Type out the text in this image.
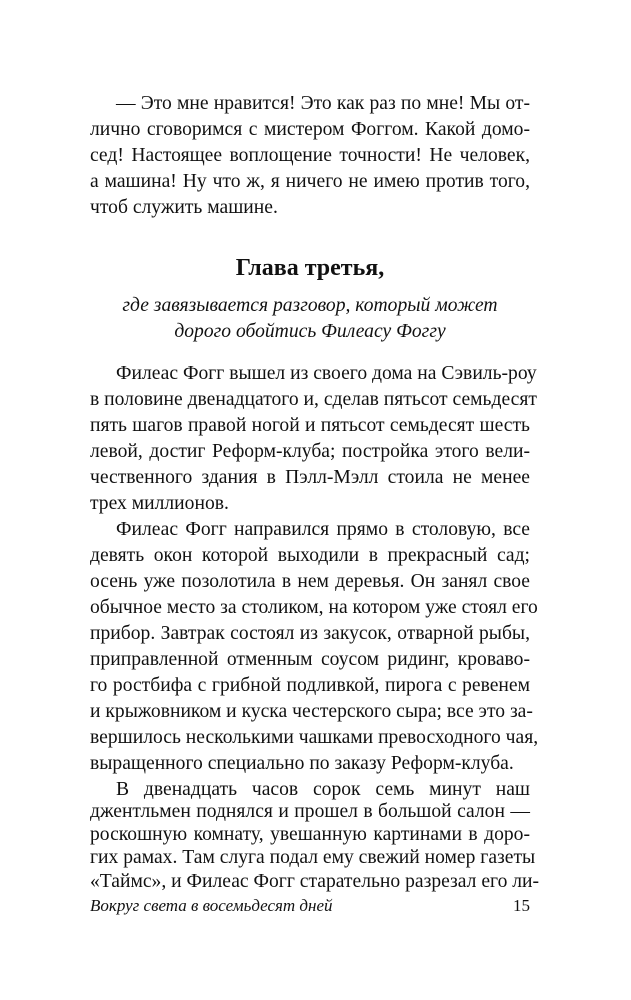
— Это мне нравится! Это как раз по мне! Мы от-
лично сговоримся с мистером Фоггом. Какой домо-
сед! Настоящее воплощение точности! Не человек,
а машина! Ну что ж, я ничего не имею против того,
чтоб служить машине.
Глава третья,
где завязывается разговор, который может
дорого обойтись Филеасу Фоггу
Филеас Фогг вышел из своего дома на Сэвиль-роу
в половине двенадцатого и, сделав пятьсот семьдесят
пять шагов правой ногой и пятьсот семьдесят шесть
левой, достиг Реформ-клуба; постройка этого вели-
чественного здания в Пэлл-Мэлл стоила не менее
трех миллионов.
Филеас Фогг направился прямо в столовую, все
девять окон которой выходили в прекрасный сад;
осень уже позолотила в нем деревья. Он занял свое
обычное место за столиком, на котором уже стоял его
прибор. Завтрак состоял из закусок, отварной рыбы,
приправленной отменным соусом ридинг, кроваво-
го ростбифа с грибной подливкой, пирога с ревенем
и крыжовником и куска честерского сыра; все это за-
вершилось несколькими чашками превосходного чая,
выращенного специально по заказу Реформ-клуба.
В двенадцать часов сорок семь минут наш
джентльмен поднялся и прошел в большой салон —
роскошную комнату, увешанную картинами в доро-
гих рамах. Там слуга подал ему свежий номер газеты
Вокруг света в восемьдесят дней	15
«Таймс», и Филеас Фогг старательно разрезал его ли-
